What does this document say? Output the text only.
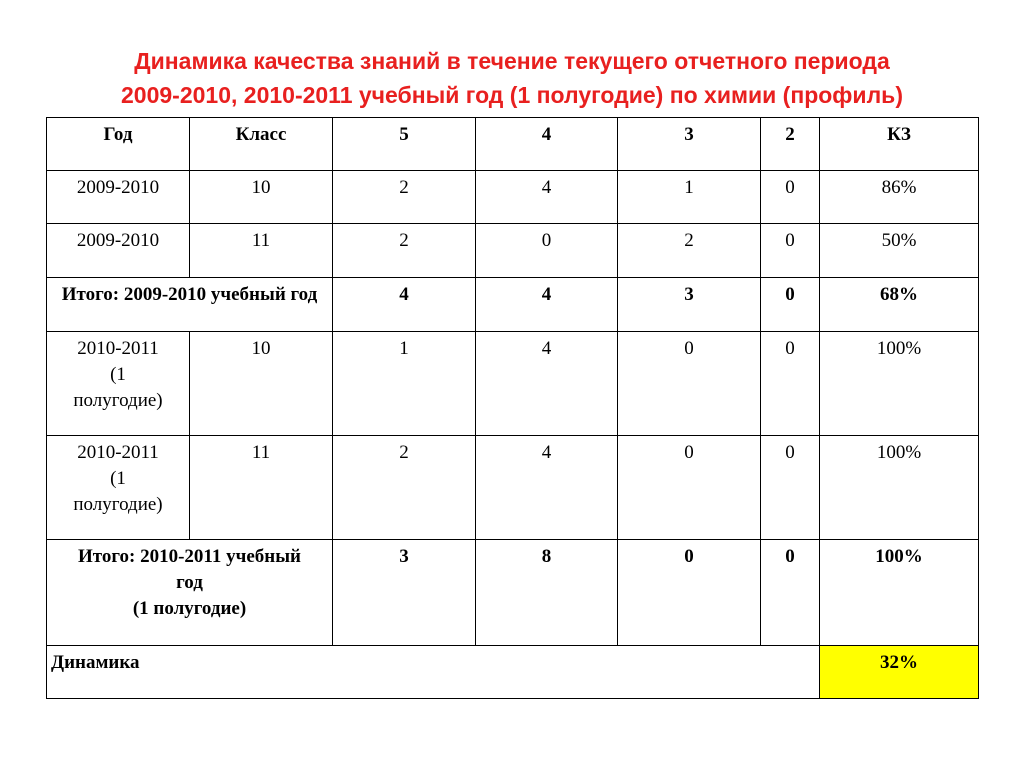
Динамика качества знаний в течение текущего отчетного периода
2009-2010, 2010-2011 учебный год (1 полугодие) по химии (профиль)
Год	Класс	5	4	3	2	КЗ
2009-2010	10	2	4	1	0	86%
2009-2010	11	2	0	2	0	50%
Итого: 2009-2010 учебный год		4	4	3	0	68%

2010-2011
(1
полугодие)	10	1	4	0	0	100%

2010-2011
(1
полугодие)	11	2	4	0	0	100%

Итого: 2010-2011 учебный
год
(1 полугодие)		3	8	0	0	100%
Динамика						32%
